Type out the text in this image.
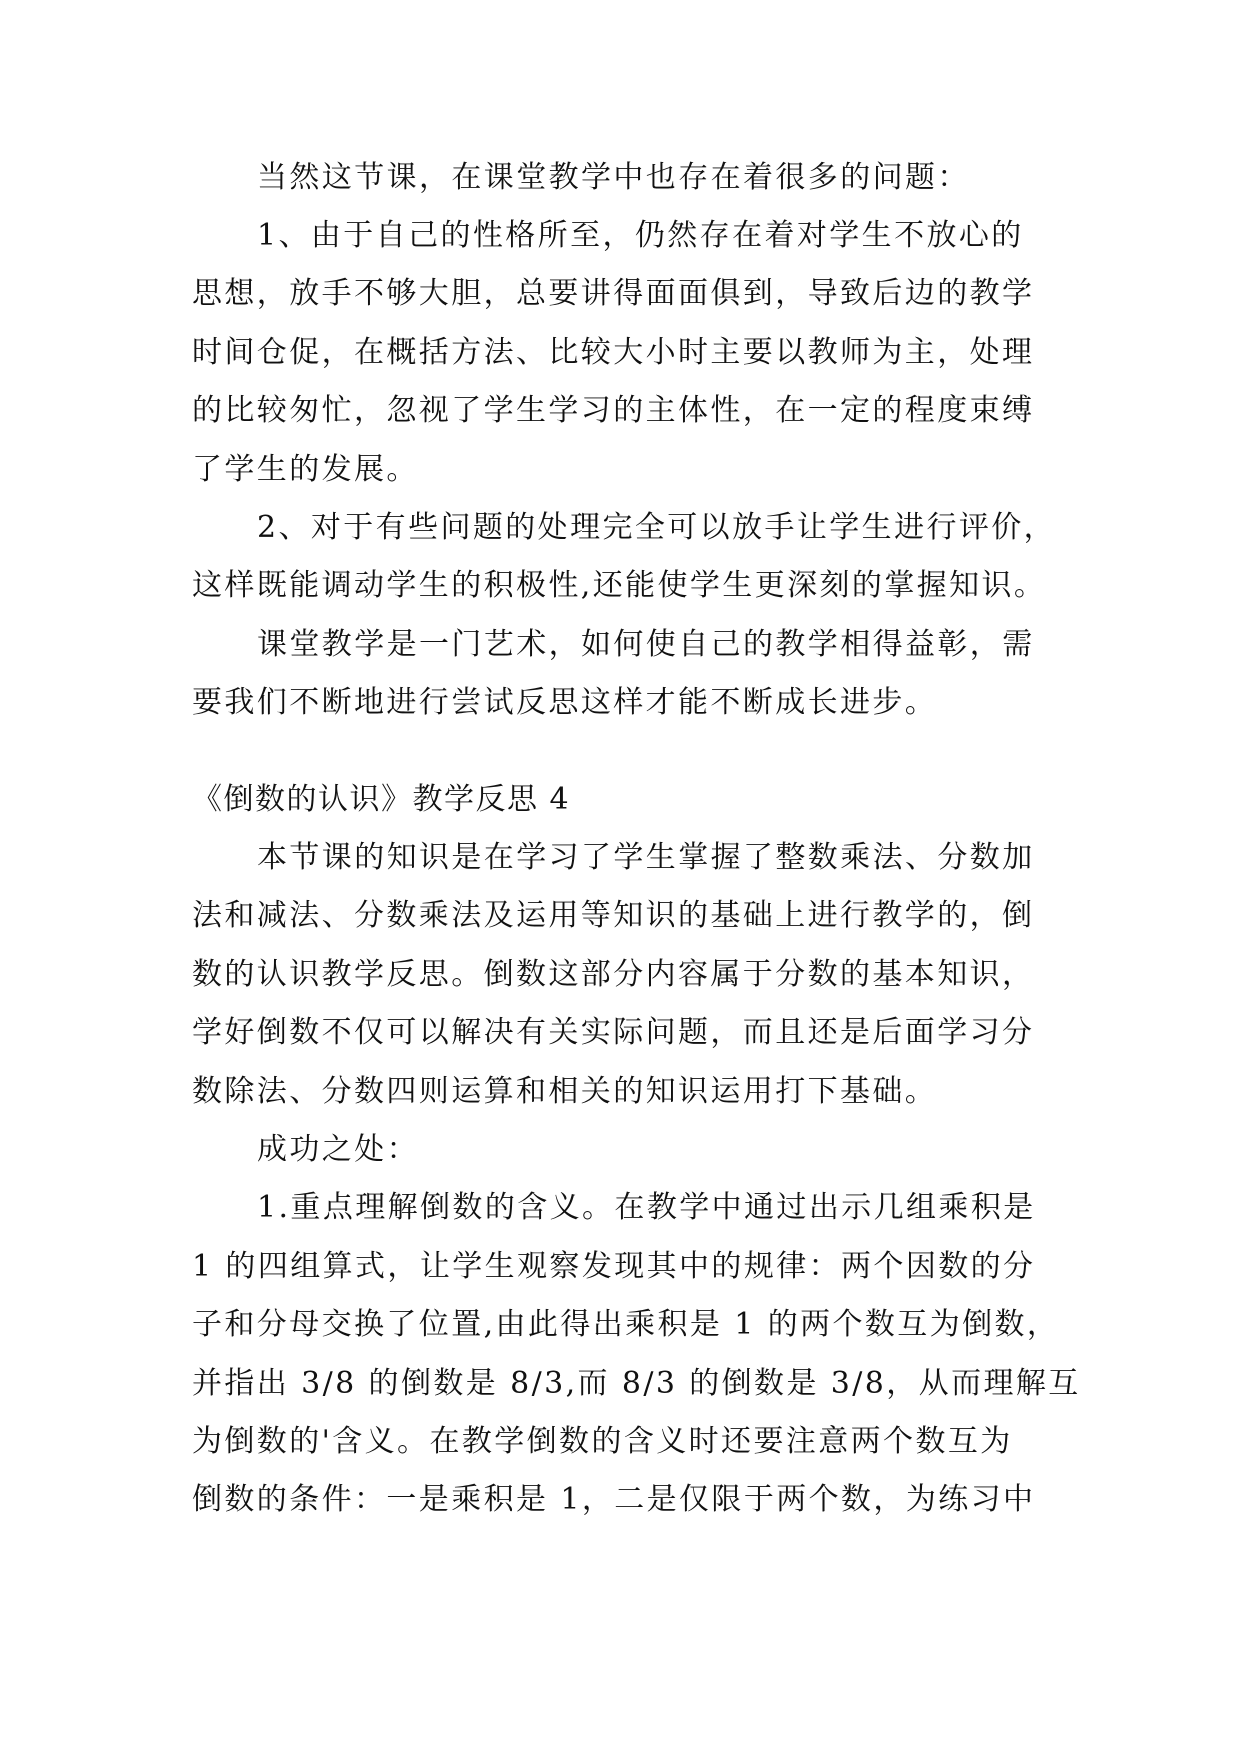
当然这节课，在课堂教学中也存在着很多的问题：
1、由于自己的性格所至，仍然存在着对学生不放心的
思想，放手不够大胆，总要讲得面面俱到，导致后边的教学
时间仓促，在概括方法、比较大小时主要以教师为主，处理
的比较匆忙，忽视了学生学习的主体性，在一定的程度束缚
了学生的发展。
2、对于有些问题的处理完全可以放手让学生进行评价，
这样既能调动学生的积极性,还能使学生更深刻的掌握知识。
课堂教学是一门艺术，如何使自己的教学相得益彰，需
要我们不断地进行尝试反思这样才能不断成长进步。
《倒数的认识》教学反思 4
本节课的知识是在学习了学生掌握了整数乘法、分数加
法和减法、分数乘法及运用等知识的基础上进行教学的，倒
数的认识教学反思。倒数这部分内容属于分数的基本知识，
学好倒数不仅可以解决有关实际问题，而且还是后面学习分
数除法、分数四则运算和相关的知识运用打下基础。
成功之处：
1.重点理解倒数的含义。在教学中通过出示几组乘积是
1 的四组算式，让学生观察发现其中的规律：两个因数的分
子和分母交换了位置,由此得出乘积是 1 的两个数互为倒数，
并指出 3/8 的倒数是 8/3,而 8/3 的倒数是 3/8，从而理解互
为倒数的'含义。在教学倒数的含义时还要注意两个数互为
倒数的条件：一是乘积是 1，二是仅限于两个数，为练习中
